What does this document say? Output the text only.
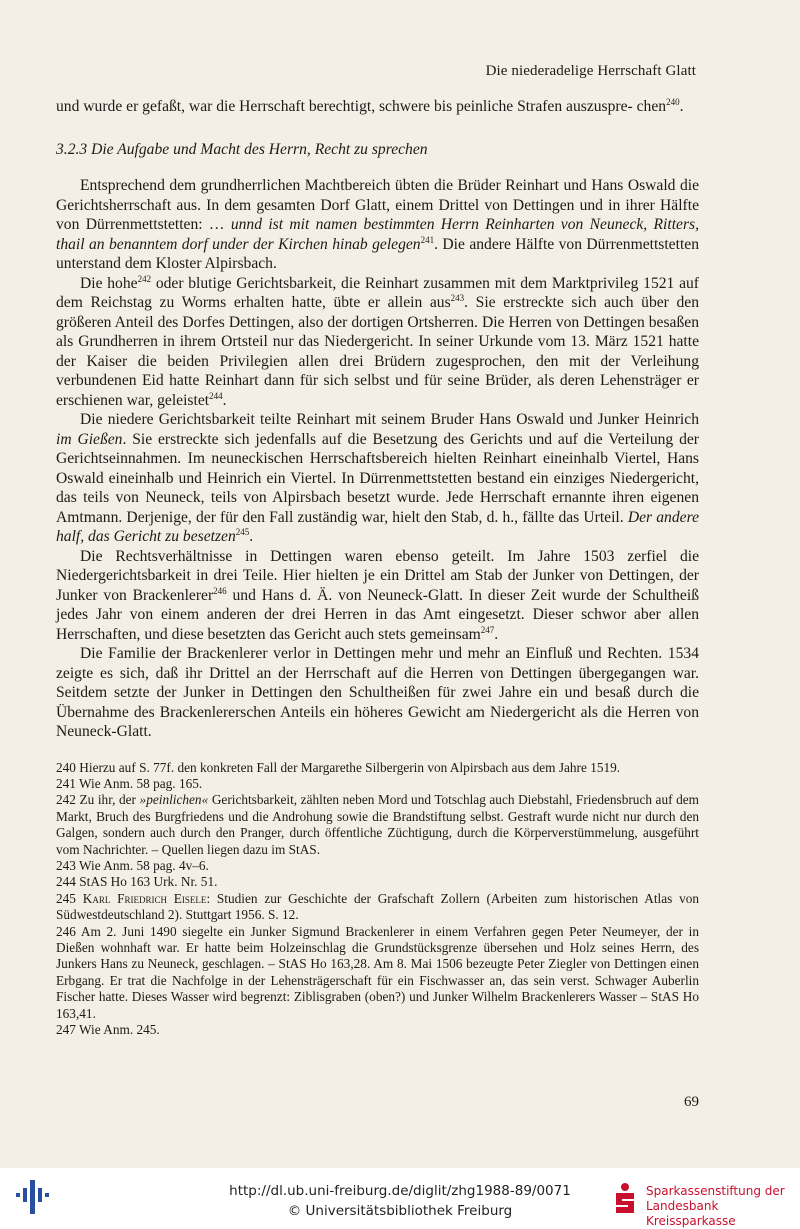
Die niederadelige Herrschaft Glatt

und wurde er gefaßt, war die Herrschaft berechtigt, schwere bis peinliche Strafen auszuspre- chen$^{240}$.

3.2.3 Die Aufgabe und Macht des Herrn, Recht zu sprechen

Entsprechend dem grundherrlichen Machtbereich übten die Brüder Reinhart und Hans Oswald die Gerichtsherrschaft aus. In dem gesamten Dorf Glatt, einem Drittel von Dettingen und in ihrer Hälfte von Dürrenmettstetten: … unnd ist mit namen bestimmten Herrn Reinharten von Neuneck, Ritters, thail an benanntem dorf under der Kirchen hinab gelegen$^{241}$. Die andere Hälfte von Dürrenmettstetten unterstand dem Kloster Alpirsbach.

Die hohe$^{242}$ oder blutige Gerichtsbarkeit, die Reinhart zusammen mit dem Marktprivileg 1521 auf dem Reichstag zu Worms erhalten hatte, übte er allein aus$^{243}$. Sie erstreckte sich auch über den größeren Anteil des Dorfes Dettingen, also der dortigen Ortsherren. Die Herren von Dettingen besaßen als Grundherren in ihrem Ortsteil nur das Niedergericht. In seiner Urkunde vom 13. März 1521 hatte der Kaiser die beiden Privilegien allen drei Brüdern zugesprochen, den mit der Verleihung verbundenen Eid hatte Reinhart dann für sich selbst und für seine Brüder, als deren Lehensträger er erschienen war, geleistet$^{244}$.

Die niedere Gerichtsbarkeit teilte Reinhart mit seinem Bruder Hans Oswald und Junker Heinrich im Gießen. Sie erstreckte sich jedenfalls auf die Besetzung des Gerichts und auf die Verteilung der Gerichtseinnahmen. Im neuneckischen Herrschaftsbereich hielten Reinhart eineinhalb Viertel, Hans Oswald eineinhalb und Heinrich ein Viertel. In Dürrenmettstetten bestand ein einziges Niedergericht, das teils von Neuneck, teils von Alpirsbach besetzt wurde. Jede Herrschaft ernannte ihren eigenen Amtmann. Derjenige, der für den Fall zuständig war, hielt den Stab, d. h., fällte das Urteil. Der andere half, das Gericht zu besetzen$^{245}$.

Die Rechtsverhältnisse in Dettingen waren ebenso geteilt. Im Jahre 1503 zerfiel die Niedergerichtsbarkeit in drei Teile. Hier hielten je ein Drittel am Stab der Junker von Dettingen, der Junker von Brackenlerer$^{246}$ und Hans d. Ä. von Neuneck-Glatt. In dieser Zeit wurde der Schultheiß jedes Jahr von einem anderen der drei Herren in das Amt eingesetzt. Dieser schwor aber allen Herrschaften, und diese besetzten das Gericht auch stets gemeinsam$^{247}$.

Die Familie der Brackenlerer verlor in Dettingen mehr und mehr an Einfluß und Rechten. 1534 zeigte es sich, daß ihr Drittel an der Herrschaft auf die Herren von Dettingen übergegangen war. Seitdem setzte der Junker in Dettingen den Schultheißen für zwei Jahre ein und besaß durch die Übernahme des Brackenlererschen Anteils ein höheres Gewicht am Niedergericht als die Herren von Neuneck-Glatt.

240 Hierzu auf S. 77f. den konkreten Fall der Margarethe Silbergerin von Alpirsbach aus dem Jahre 1519.

241 Wie Anm. 58 pag. 165.

242 Zu ihr, der »peinlichen« Gerichtsbarkeit, zählten neben Mord und Totschlag auch Diebstahl, Friedensbruch auf dem Markt, Bruch des Burgfriedens und die Androhung sowie die Brandstiftung selbst. Gestraft wurde nicht nur durch den Galgen, sondern auch durch den Pranger, durch öffentliche Züchtigung, durch die Körperverstümmelung, ausgeführt vom Nachrichter. – Quellen liegen dazu im StAS.

243 Wie Anm. 58 pag. 4v–6.

244 StAS Ho 163 Urk. Nr. 51.

245 Karl Friedrich Eisele: Studien zur Geschichte der Grafschaft Zollern (Arbeiten zum historischen Atlas von Südwestdeutschland 2). Stuttgart 1956. S. 12.

246 Am 2. Juni 1490 siegelte ein Junker Sigmund Brackenlerer in einem Verfahren gegen Peter Neumeyer, der in Dießen wohnhaft war. Er hatte beim Holzeinschlag die Grundstücksgrenze übersehen und Holz seines Herrn, des Junkers Hans zu Neuneck, geschlagen. – StAS Ho 163,28. Am 8. Mai 1506 bezeugte Peter Ziegler von Dettingen einen Erbgang. Er trat die Nachfolge in der Lehensträgerschaft für ein Fischwasser an, das sein verst. Schwager Auberlin Fischer hatte. Dieses Wasser wird begrenzt: Ziblisgraben (oben?) und Junker Wilhelm Brackenlerers Wasser – StAS Ho 163,41.

247 Wie Anm. 245.

69
http://dl.ub.uni-freiburg.de/diglit/zhg1988-89/0071
© Universitätsbibliothek Freiburg
Sparkassenstiftung der
Landesbank Kreissparkasse
